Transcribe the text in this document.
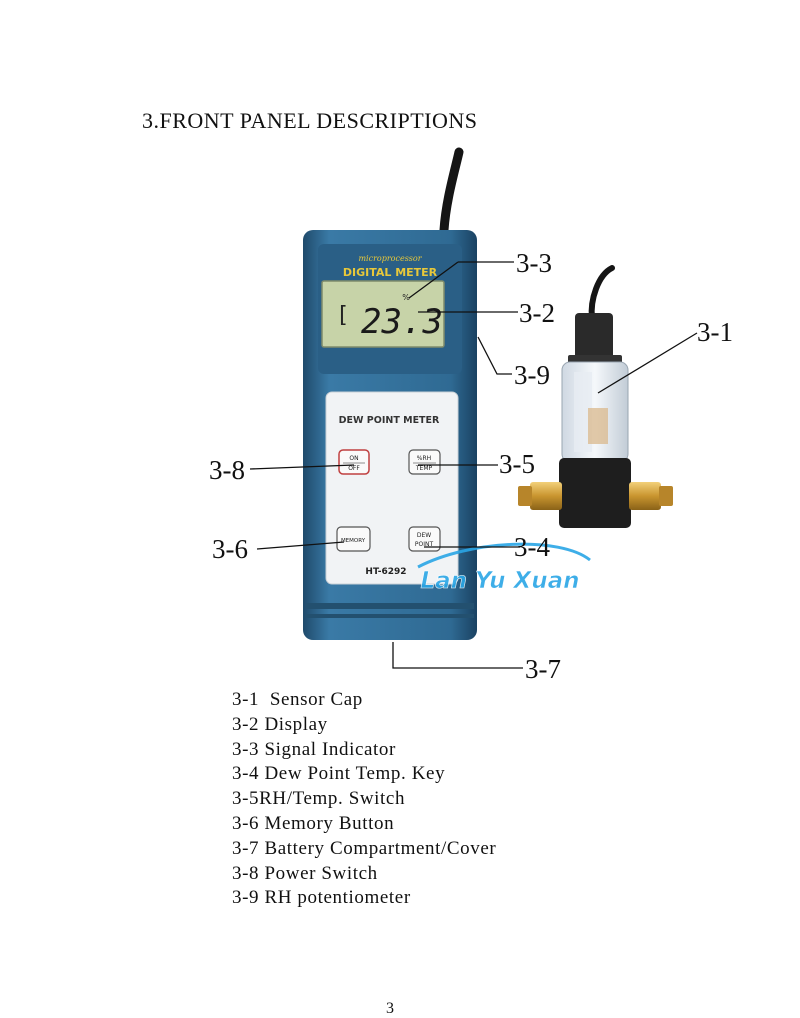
3.FRONT PANEL DESCRIPTIONS
microprocessor
DIGITAL METER
[
%
23.3
DEW POINT METER
ON
OFF
%RH
TEMP
MEMORY
DEW
POINT
HT-6292 Lan Yu Xuan
3-3
3-2
3-9
3-1
3-8	3-5
3-6	3-4
3-7
3-1  Sensor Cap
3-2 Display
3-3 Signal Indicator
3-4 Dew Point Temp. Key
3-5RH/Temp. Switch
3-6 Memory Button
3-7 Battery Compartment/Cover
3-8 Power Switch
3-9 RH potentiometer
3
